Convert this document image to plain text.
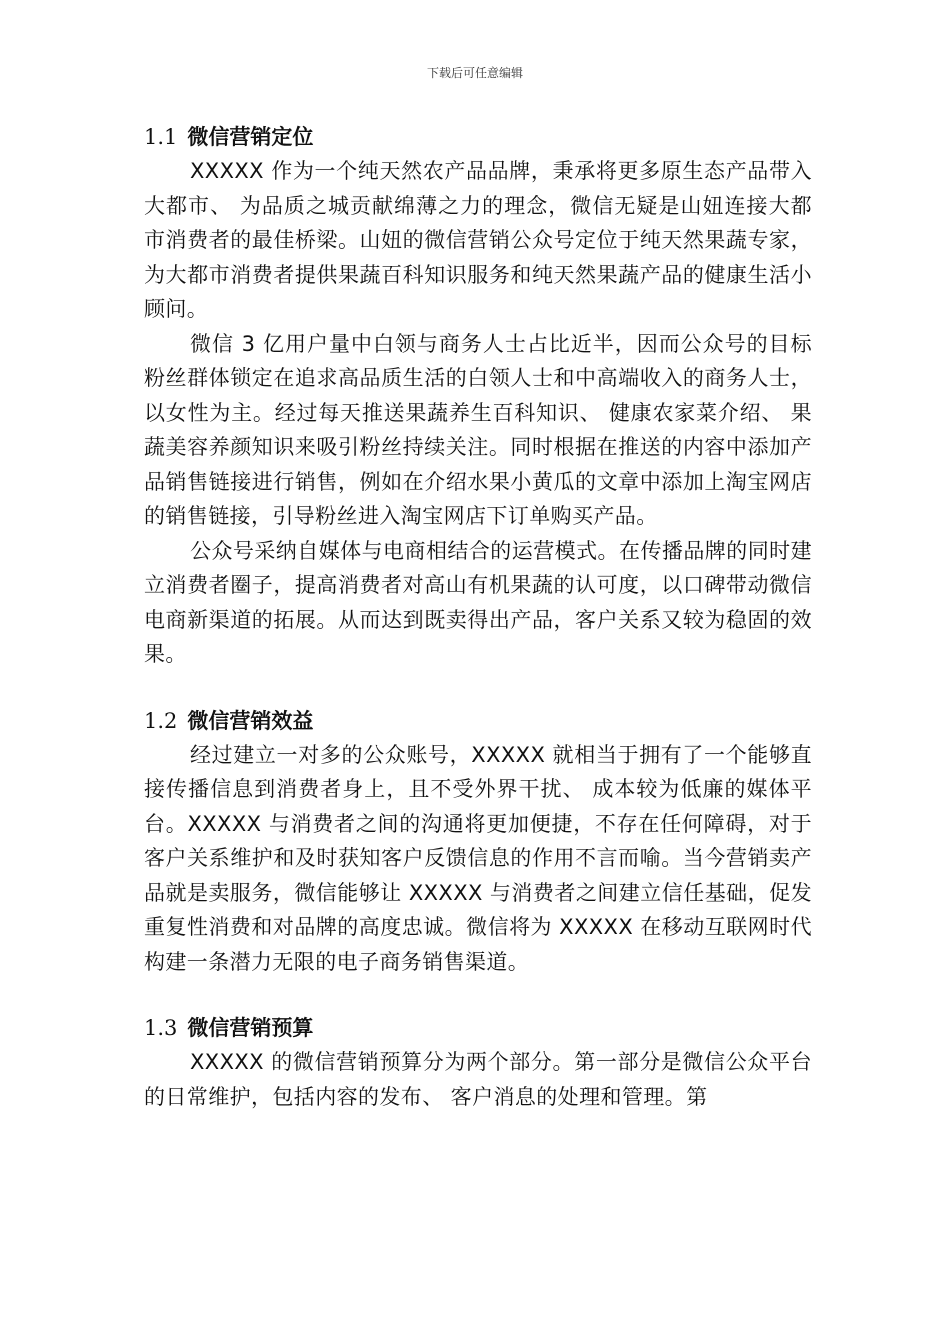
下载后可任意编辑
1.1 微信营销定位

XXXXX 作为一个纯天然农产品品牌，秉承将更多原生态产品带入大都市、 为品质之城贡献绵薄之力的理念，微信无疑是山妞连接大都市消费者的最佳桥梁。山妞的微信营销公众号定位于纯天然果蔬专家，为大都市消费者提供果蔬百科知识服务和纯天然果蔬产品的健康生活小顾问。

微信 3 亿用户量中白领与商务人士占比近半，因而公众号的目标粉丝群体锁定在追求高品质生活的白领人士和中高端收入的商务人士，以女性为主。经过每天推送果蔬养生百科知识、 健康农家菜介绍、 果蔬美容养颜知识来吸引粉丝持续关注。同时根据在推送的内容中添加产品销售链接进行销售，例如在介绍水果小黄瓜的文章中添加上淘宝网店的销售链接，引导粉丝进入淘宝网店下订单购买产品。

公众号采纳自媒体与电商相结合的运营模式。在传播品牌的同时建立消费者圈子，提高消费者对高山有机果蔬的认可度，以口碑带动微信电商新渠道的拓展。从而达到既卖得出产品，客户关系又较为稳固的效果。

1.2 微信营销效益

经过建立一对多的公众账号，XXXXX 就相当于拥有了一个能够直接传播信息到消费者身上，且不受外界干扰、 成本较为低廉的媒体平台。XXXXX 与消费者之间的沟通将更加便捷，不存在任何障碍，对于客户关系维护和及时获知客户反馈信息的作用不言而喻。当今营销卖产品就是卖服务，微信能够让 XXXXX 与消费者之间建立信任基础，促发重复性消费和对品牌的高度忠诚。微信将为 XXXXX 在移动互联网时代构建一条潜力无限的电子商务销售渠道。

1.3 微信营销预算

XXXXX 的微信营销预算分为两个部分。第一部分是微信公众平台的日常维护，包括内容的发布、 客户消息的处理和管理。第
